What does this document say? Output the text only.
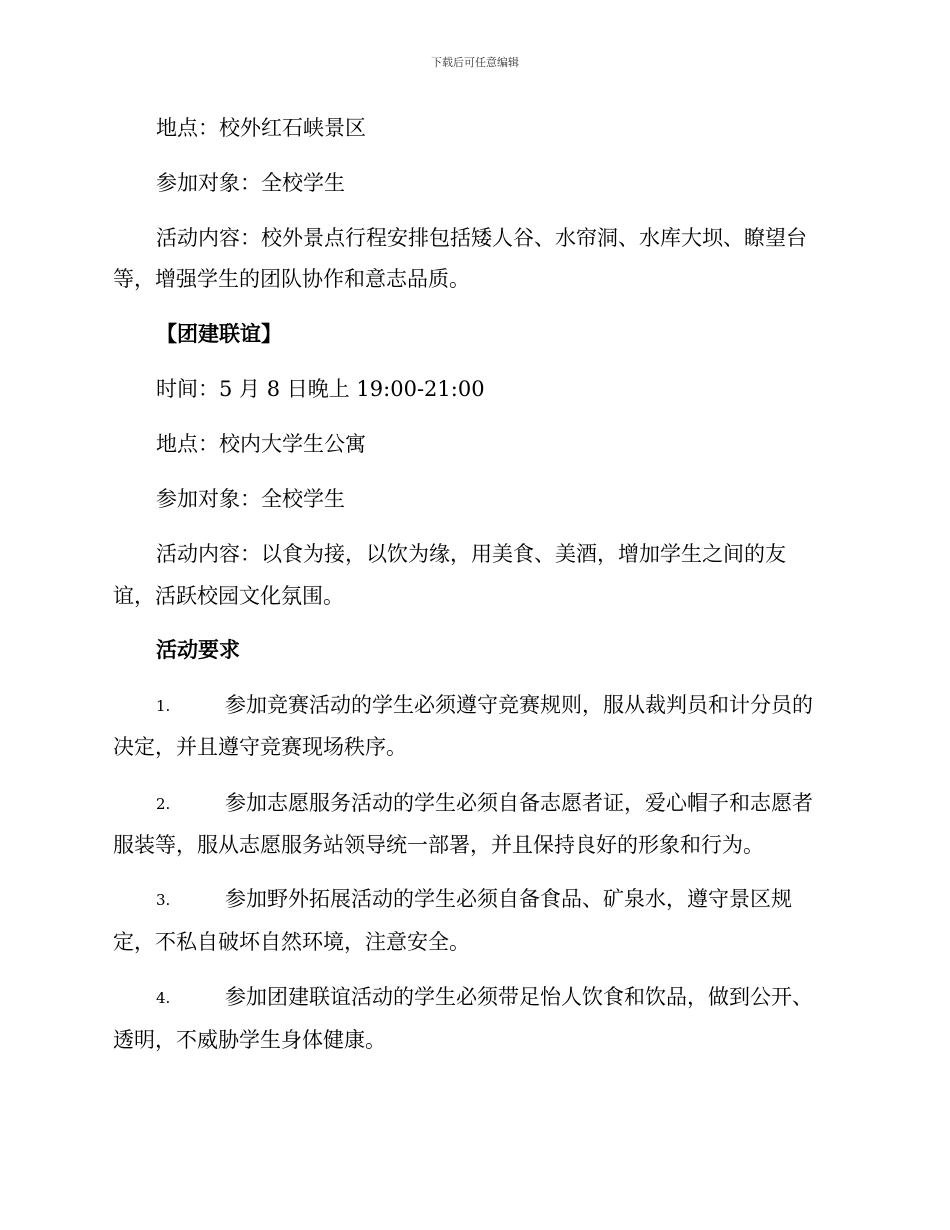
下载后可任意编辑
地点：校外红石峡景区
参加对象：全校学生
活动内容：校外景点行程安排包括矮人谷、水帘洞、水库大坝、瞭望台
等，增强学生的团队协作和意志品质。
【团建联谊】
时间：5 月 8 日晚上 19:00-21:00
地点：校内大学生公寓
参加对象：全校学生
活动内容：以食为接，以饮为缘，用美食、美酒，增加学生之间的友
谊，活跃校园文化氛围。
活动要求
1.	参加竞赛活动的学生必须遵守竞赛规则，服从裁判员和计分员的
决定，并且遵守竞赛现场秩序。
2.	参加志愿服务活动的学生必须自备志愿者证，爱心帽子和志愿者
服装等，服从志愿服务站领导统一部署，并且保持良好的形象和行为。
3.	参加野外拓展活动的学生必须自备食品、矿泉水，遵守景区规
定，不私自破坏自然环境，注意安全。
4.	参加团建联谊活动的学生必须带足怡人饮食和饮品，做到公开、
透明，不威胁学生身体健康。
